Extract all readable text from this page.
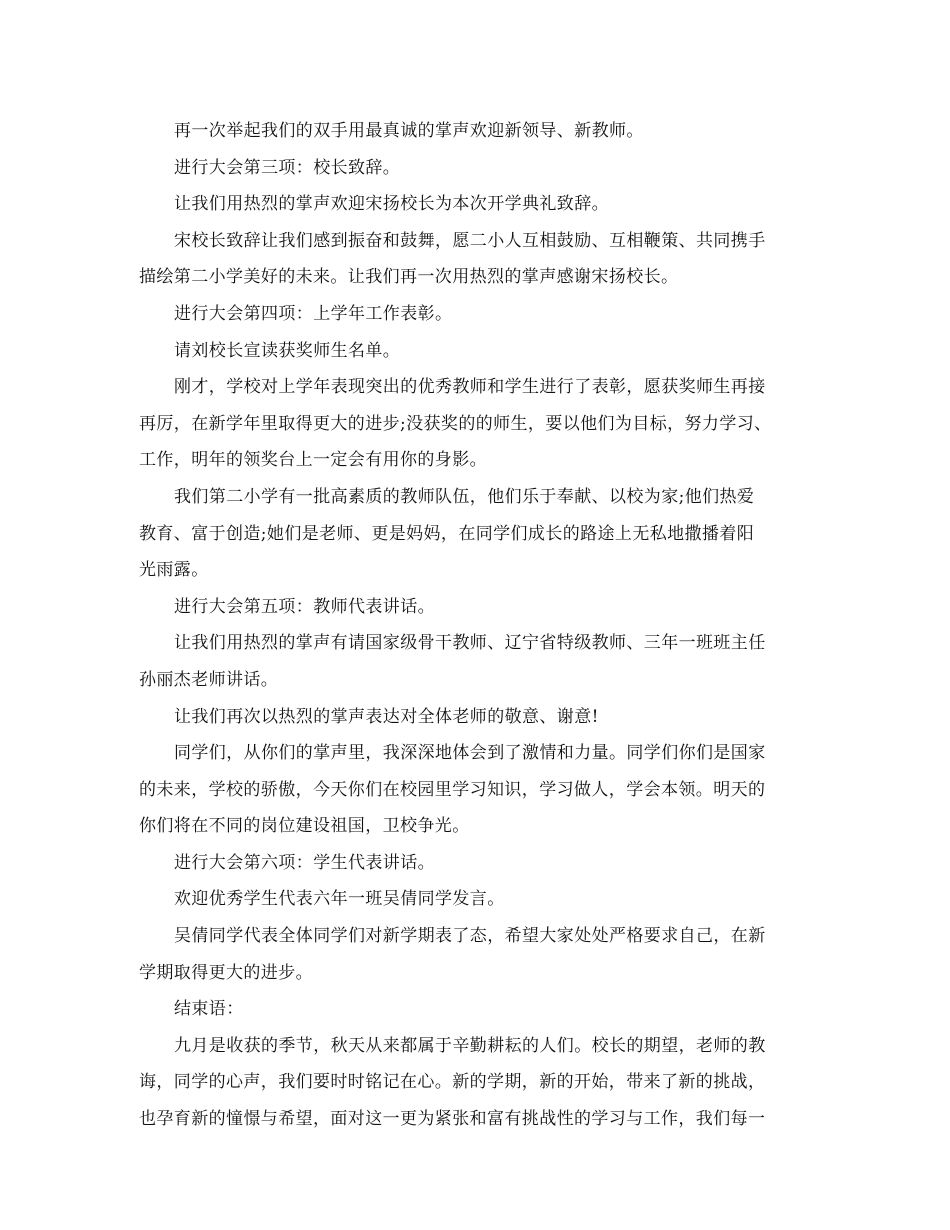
再一次举起我们的双手用最真诚的掌声欢迎新领导、新教师。
进行大会第三项：校长致辞。
让我们用热烈的掌声欢迎宋扬校长为本次开学典礼致辞。
宋校长致辞让我们感到振奋和鼓舞，愿二小人互相鼓励、互相鞭策、共同携手
描绘第二小学美好的未来。让我们再一次用热烈的掌声感谢宋扬校长。
进行大会第四项：上学年工作表彰。
请刘校长宣读获奖师生名单。
刚才，学校对上学年表现突出的优秀教师和学生进行了表彰，愿获奖师生再接
再厉，在新学年里取得更大的进步;没获奖的的师生，要以他们为目标，努力学习、
工作，明年的领奖台上一定会有用你的身影。
我们第二小学有一批高素质的教师队伍，他们乐于奉献、以校为家;他们热爱
教育、富于创造;她们是老师、更是妈妈，在同学们成长的路途上无私地撒播着阳
光雨露。
进行大会第五项：教师代表讲话。
让我们用热烈的掌声有请国家级骨干教师、辽宁省特级教师、三年一班班主任
孙丽杰老师讲话。
让我们再次以热烈的掌声表达对全体老师的敬意、谢意!
同学们，从你们的掌声里，我深深地体会到了激情和力量。同学们你们是国家
的未来，学校的骄傲，今天你们在校园里学习知识，学习做人，学会本领。明天的
你们将在不同的岗位建设祖国，卫校争光。
进行大会第六项：学生代表讲话。
欢迎优秀学生代表六年一班吴倩同学发言。
吴倩同学代表全体同学们对新学期表了态，希望大家处处严格要求自己，在新
学期取得更大的进步。
结束语：
九月是收获的季节，秋天从来都属于辛勤耕耘的人们。校长的期望，老师的教
诲，同学的心声，我们要时时铭记在心。新的学期，新的开始，带来了新的挑战，
也孕育新的憧憬与希望，面对这一更为紧张和富有挑战性的学习与工作，我们每一
